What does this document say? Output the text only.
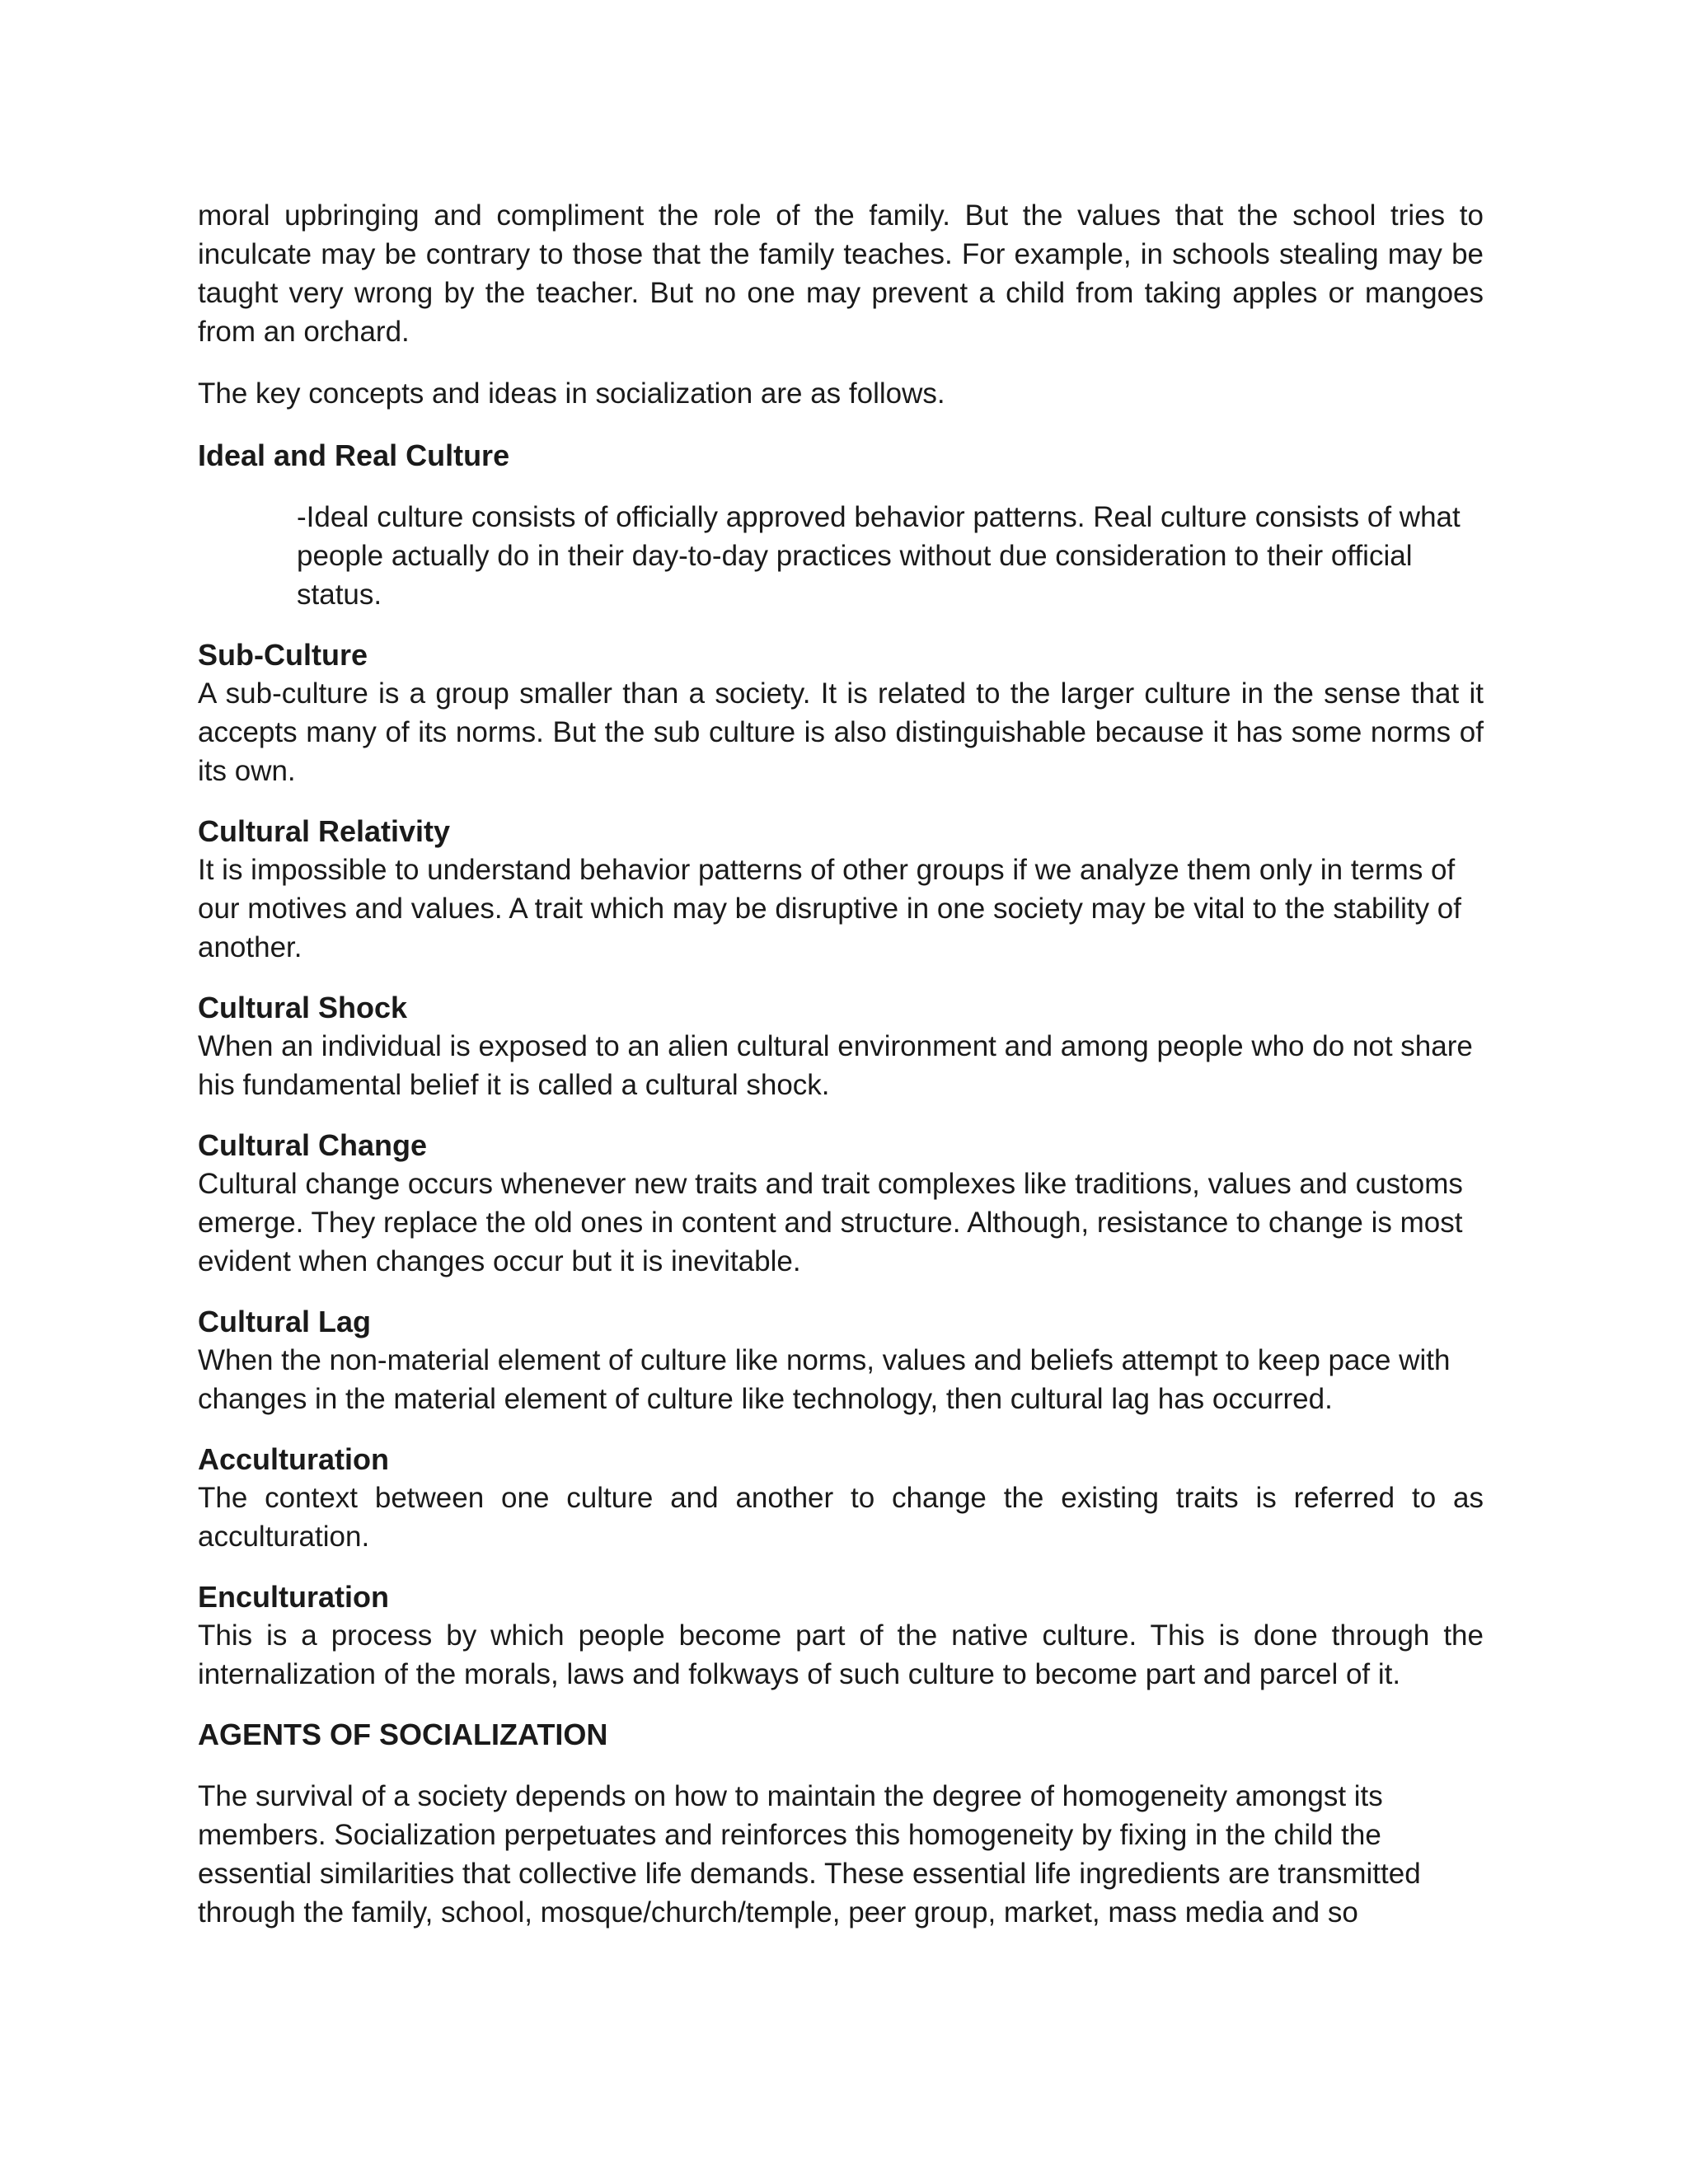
moral upbringing and compliment the role of the family. But the values that the school tries to inculcate may be contrary to those that the family teaches. For example, in schools stealing may be taught very wrong by the teacher. But no one may prevent a child from taking apples or mangoes from an orchard.

The key concepts and ideas in socialization are as follows.

Ideal and Real Culture

-Ideal culture consists of officially approved behavior patterns. Real culture consists of what people actually do in their day-to-day practices without due consideration to their official status.

Sub-Culture

A sub-culture is a group smaller than a society. It is related to the larger culture in the sense that it accepts many of its norms. But the sub culture is also distinguishable because it has some norms of its own.

Cultural Relativity

It is impossible to understand behavior patterns of other groups if we analyze them only in terms of our motives and values. A trait which may be disruptive in one society may be vital to the stability of another.

Cultural Shock

When an individual is exposed to an alien cultural environment and among people who do not share his fundamental belief it is called a cultural shock.

Cultural Change

Cultural change occurs whenever new traits and trait complexes like traditions, values and customs emerge. They replace the old ones in content and structure. Although, resistance to change is most evident when changes occur but it is inevitable.

Cultural Lag

When the non-material element of culture like norms, values and beliefs attempt to keep pace with changes in the material element of culture like technology, then cultural lag has occurred.

Acculturation

The context between one culture and another to change the existing traits is referred to as acculturation.

Enculturation

This is a process by which people become part of the native culture. This is done through the internalization of the morals, laws and folkways of such culture to become part and parcel of it.

AGENTS OF SOCIALIZATION

The survival of a society depends on how to maintain the degree of homogeneity amongst its members. Socialization perpetuates and reinforces this homogeneity by fixing in the child the essential similarities that collective life demands. These essential life ingredients are transmitted through the family, school, mosque/church/temple, peer group, market, mass media and so
